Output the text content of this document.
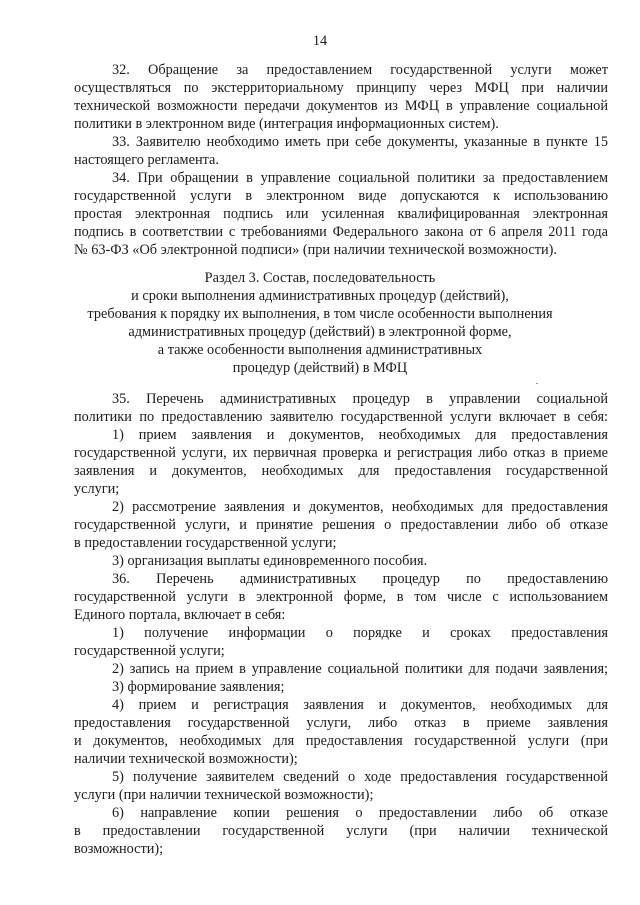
14
32. Обращение за предоставлением государственной услуги может
осуществляться по экстерриториальному принципу через МФЦ при наличии
технической возможности передачи документов из МФЦ в управление социальной
политики в электронном виде (интеграция информационных систем).
33. Заявителю необходимо иметь при себе документы, указанные в пункте 15
настоящего регламента.
34. При обращении в управление социальной политики за предоставлением
государственной услуги в электронном виде допускаются к использованию
простая электронная подпись или усиленная квалифицированная электронная
подпись в соответствии с требованиями Федерального закона от 6 апреля 2011 года
№ 63-ФЗ «Об электронной подписи» (при наличии технической возможности).
Раздел 3. Состав, последовательность
и сроки выполнения административных процедур (действий),
требования к порядку их выполнения, в том числе особенности выполнения
административных процедур (действий) в электронной форме,
а также особенности выполнения административных
процедур (действий) в МФЦ
35. Перечень административных процедур в управлении социальной
политики по предоставлению заявителю государственной услуги включает в себя:
1) прием заявления и документов, необходимых для предоставления
государственной услуги, их первичная проверка и регистрация либо отказ в приеме
заявления и документов, необходимых для предоставления государственной
услуги;
2) рассмотрение заявления и документов, необходимых для предоставления
государственной услуги, и принятие решения о предоставлении либо об отказе
в предоставлении государственной услуги;
3) организация выплаты единовременного пособия.
36. Перечень административных процедур по предоставлению
государственной услуги в электронной форме, в том числе с использованием
Единого портала, включает в себя:
1) получение информации о порядке и сроках предоставления
государственной услуги;
2) запись на прием в управление социальной политики для подачи заявления;
3) формирование заявления;
4) прием и регистрация заявления и документов, необходимых для
предоставления государственной услуги, либо отказ в приеме заявления
и документов, необходимых для предоставления государственной услуги (при
наличии технической возможности);
5) получение заявителем сведений о ходе предоставления государственной
услуги (при наличии технической возможности);
6) направление копии решения о предоставлении либо об отказе
в предоставлении государственной услуги (при наличии технической
возможности);
